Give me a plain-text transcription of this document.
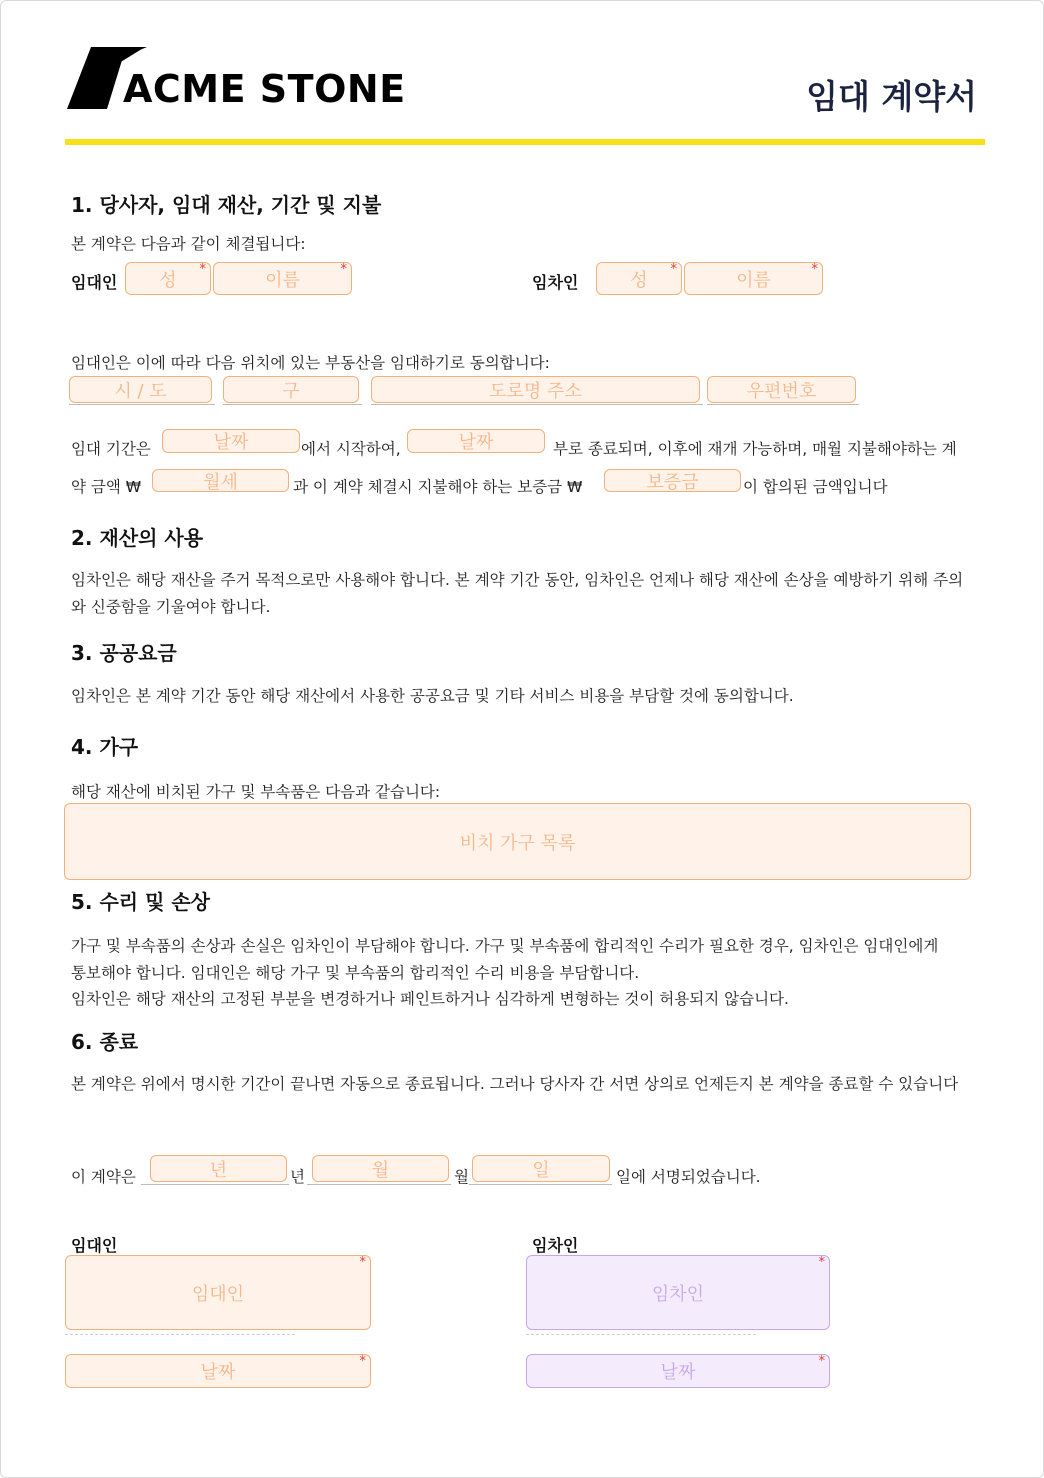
ACME STONE	임대 계약서
1. 당사자, 임대 재산, 기간 및 지불
본 계약은 다음과 같이 체결됩니다:
임대인	성 *	이름 *	임차인	성 *	이름 *
임대인은 이에 따라 다음 위치에 있는 부동산을 임대하기로 동의합니다:
시 / 도	구	도로명 주소	우편번호
임대 기간은	날짜	에서 시작하여,	날짜	부로 종료되며, 이후에 재개 가능하며, 매월 지불해야하는 계
약 금액 ₩	월세	과 이 계약 체결시 지불해야 하는 보증금 ₩	보증금	이 합의된 금액입니다
2. 재산의 사용
임차인은 해당 재산을 주거 목적으로만 사용해야 합니다. 본 계약 기간 동안, 임차인은 언제나 해당 재산에 손상을 예방하기 위해 주의와 신중함을 기울여야 합니다.
3. 공공요금
임차인은 본 계약 기간 동안 해당 재산에서 사용한 공공요금 및 기타 서비스 비용을 부담할 것에 동의합니다.
4. 가구
해당 재산에 비치된 가구 및 부속품은 다음과 같습니다:
비치 가구 목록
5. 수리 및 손상
가구 및 부속품의 손상과 손실은 임차인이 부담해야 합니다. 가구 및 부속품에 합리적인 수리가 필요한 경우, 임차인은 임대인에게
통보해야 합니다. 임대인은 해당 가구 및 부속품의 합리적인 수리 비용을 부담합니다.
임차인은 해당 재산의 고정된 부분을 변경하거나 페인트하거나 심각하게 변형하는 것이 허용되지 않습니다.
6. 종료
본 계약은 위에서 명시한 기간이 끝나면 자동으로 종료됩니다. 그러나 당사자 간 서면 상의로 언제든지 본 계약을 종료할 수 있습니다
이 계약은	년	년	월	월	일	일에 서명되었습니다.
임대인
임대인 *
날짜 *
임차인
임차인 *
날짜 *
